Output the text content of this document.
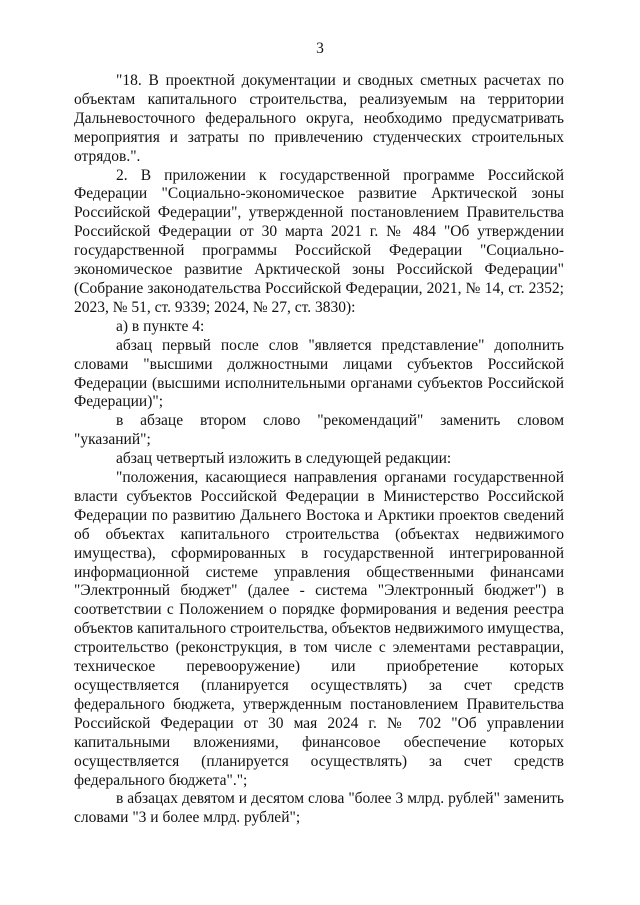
3

"18. В проектной документации и сводных сметных расчетах по объектам капитального строительства, реализуемым на территории Дальневосточного федерального округа, необходимо предусматривать мероприятия и затраты по привлечению студенческих строительных отрядов.".

2. В приложении к государственной программе Российской Федерации "Социально-экономическое развитие Арктической зоны Российской Федерации", утвержденной постановлением Правительства Российской Федерации от 30 марта 2021 г. № 484 "Об утверждении государственной программы Российской Федерации "Социально-экономическое развитие Арктической зоны Российской Федерации" (Собрание законодательства Российской Федерации, 2021, № 14, ст. 2352; 2023, № 51, ст. 9339; 2024, № 27, ст. 3830):

а) в пункте 4:

абзац первый после слов "является представление" дополнить словами "высшими должностными лицами субъектов Российской Федерации (высшими исполнительными органами субъектов Российской Федерации)";

в абзаце втором слово "рекомендаций" заменить словом "указаний";

абзац четвертый изложить в следующей редакции:

"положения, касающиеся направления органами государственной власти субъектов Российской Федерации в Министерство Российской Федерации по развитию Дальнего Востока и Арктики проектов сведений об объектах капитального строительства (объектах недвижимого имущества), сформированных в государственной интегрированной информационной системе управления общественными финансами "Электронный бюджет" (далее - система "Электронный бюджет") в соответствии с Положением о порядке формирования и ведения реестра объектов капитального строительства, объектов недвижимого имущества, строительство (реконструкция, в том числе с элементами реставрации, техническое перевооружение) или приобретение которых осуществляется (планируется осуществлять) за счет средств федерального бюджета, утвержденным постановлением Правительства Российской Федерации от 30 мая 2024 г. № 702 "Об управлении капитальными вложениями, финансовое обеспечение которых осуществляется (планируется осуществлять) за счет средств федерального бюджета".";

в абзацах девятом и десятом слова "более 3 млрд. рублей" заменить словами "3 и более млрд. рублей";
